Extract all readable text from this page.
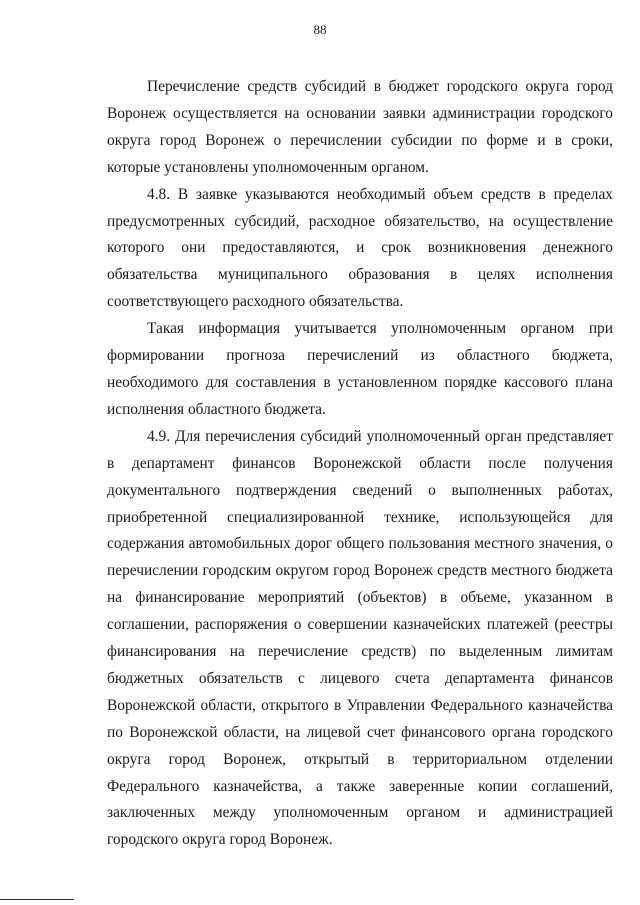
88

Перечисление средств субсидий в бюджет городского округа город Воронеж осуществляется на основании заявки администрации городского округа город Воронеж о перечислении субсидии по форме и в сроки, которые установлены уполномоченным органом.

4.8. В заявке указываются необходимый объем средств в пределах предусмотренных субсидий, расходное обязательство, на осуществление которого они предоставляются, и срок возникновения денежного обязательства муниципального образования в целях исполнения соответствующего расходного обязательства.

Такая информация учитывается уполномоченным органом при формировании прогноза перечислений из областного бюджета, необходимого для составления в установленном порядке кассового плана исполнения областного бюджета.

4.9. Для перечисления субсидий уполномоченный орган представляет в департамент финансов Воронежской области после получения документального подтверждения сведений о выполненных работах, приобретенной специализированной технике, использующейся для содержания автомобильных дорог общего пользования местного значения, о перечислении городским округом город Воронеж средств местного бюджета на финансирование мероприятий (объектов) в объеме, указанном в соглашении, распоряжения о совершении казначейских платежей (реестры финансирования на перечисление средств) по выделенным лимитам бюджетных обязательств с лицевого счета департамента финансов Воронежской области, открытого в Управлении Федерального казначейства по Воронежской области, на лицевой счет финансового органа городского округа город Воронеж, открытый в территориальном отделении Федерального казначейства, а также заверенные копии соглашений, заключенных между уполномоченным органом и администрацией городского округа город Воронеж.
